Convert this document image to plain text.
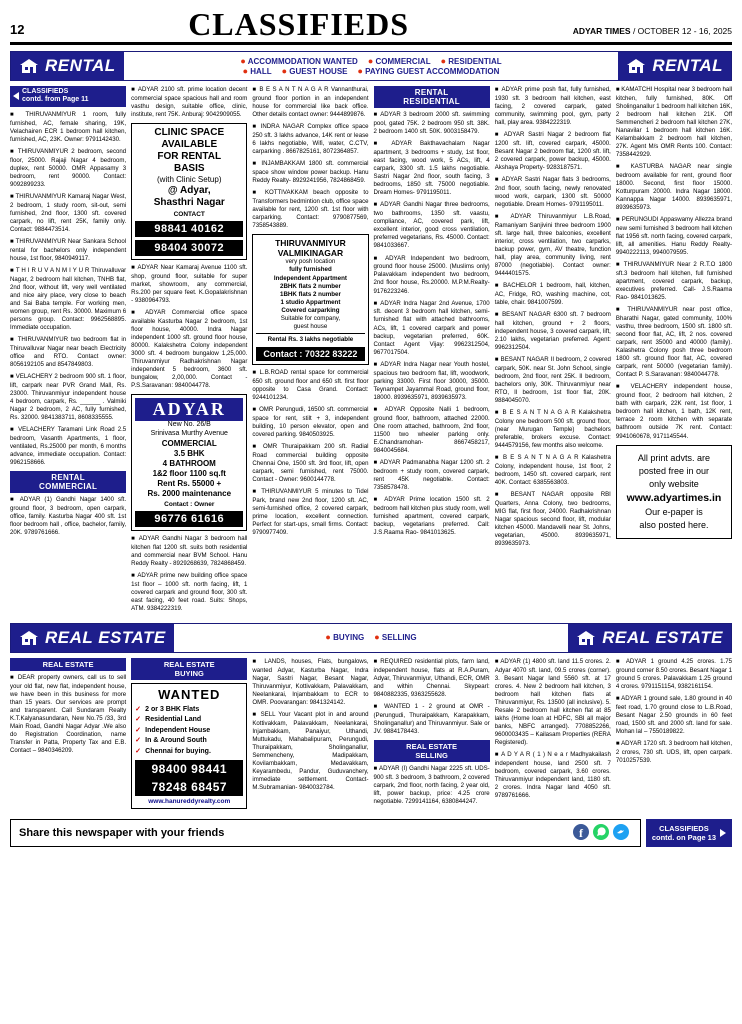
12	CLASSIFIEDS	ADYAR TIMES / OCTOBER 12 - 16, 2025
RENTAL	● ACCOMMODATION WANTED ● COMMERCIAL ● RESIDENTIAL
● HALL ● GUEST HOUSE ● PAYING GUEST ACCOMMODATION	RENTAL
CLASSIFIEDS
contd. from Page 11

■ THIRUVANMIYUR 1 room, fully furnished, AC, female sharing, 19K, Velachairen ECR 1 bedroom hall kitchen, furnished, AC, 23K. Owner: 9791142430.

■ THIRUVANMIYUR 2 bedroom, second floor, 25000. Rajaji Nagar 4 bedroom, duplex, rent 50000. OMR Appasamy 3 bedroom, rent 90000. Contact: 9092899233.

■ THIRUVANMIYUR Kamaraj Nagar West, 2 bedroom, 1 study room, sit-out, semi furnished, 2nd floor, 1300 sft. covered carpark, no lift, rent 25K, family only. Contact: 9884473514.

■ THIRUVANMIYUR Near Sankara School rental for bachelors only independent house, 1st floor, 9840949117.

■ T H I R U V A N M I Y U R Thiruvalluvar Nagar, 2 bedroom hall kitchen, TNHB flat, 2nd floor, without lift, very well ventilated and nice airy place, very close to beach and Sai Baba temple. For working men, women group, rent Rs. 30000. Maximum 6 persons group. Contact: 9962568895. Immediate occupation.

■ THIRUVANMIYUR two bedroom flat in Thiruvalluvar Nagar near beach Electricity office and RTO. Contact owner: 8056192105 and 8547849803.

■ VELACHERY 2 bedroom 900 sft. 1 floor, lift, carpark near PVR Grand Mall, Rs. 23000. Thiruvanmiyur independent house 4 bedroom, carpark, Rs. ______ . Valmiki Nagar 2 bedroom, 2 AC, fully furnished, Rs. 32000. 9841383711, 8608335555.

■ VELACHERY Taramani Link Road 2.5 bedroom, Vasanth Apartments, 1 floor, ventilated, Rs.25000 per month, 6 months advance, immediate occupation. Contact: 9962158666.

RENTAL
COMMERCIAL

■ ADYAR (1) Gandhi Nagar 1400 sft. ground floor, 3 bedroom, open carpark, office, family. Kasturba Nagar 400 sft. 1st floor bedroom hall , office, bachelor, family, 20K. 9789761666.

■ ADYAR 2100 sft. prime location decent commercial space spacious hall and room vasthu design, suitable office, clinic, institute, rent 75K. Anburaj: 9042909055.

CLINIC SPACE
AVAILABLE
FOR RENTAL
BASIS
(with Clinic Setup)
@ Adyar,
Shasthri Nagar
CONTACT
98841 40162
98404 30072

■ ADYAR Near Kamaraj Avenue 1100 sft. shop, ground floor, suitable for super market, showroom, any commercial, Rs.200 per square feet. K.Gopalakrishnan - 9380964793.

■ ADYAR Commercial office space available Kasturba Nagar 2 bedroom, 1st floor house, 40000. Indra Nagar independent 1000 sft. ground floor house, 80000. Kalakshetra Colony independent 3000 sft. 4 bedroom bungalow 1,25,000. Thiruvanmiyur Radhakrishnan Nagar independent 5 bedroom, 3600 sft. bungalow, 2,00,000. Contact - P.S.Saravanan: 9840044778.

ADYAR
New No. 26/B
Srinivasa Murthy Avenue
COMMERCIAL
3.5 BHK
4 BATHROOM
1&2 floor 1100 sq.ft
Rent Rs. 55000 +
Rs. 2000 maintenance
Contact : Owner
96776 61616

■ ADYAR Gandhi Nagar 3 bedroom hall kitchen flat 1200 sft. suits both residential and commercial near BVM School. Hanu Reddy Realty - 8929268639, 7824868459.

■ ADYAR prime new building office space 1st floor – 1000 sft. north facing, lift, 1 covered carpark and ground floor, 300 sft. east facing, 40 feet road. Suits: Shops, ATM. 9384222319.

■ B E S A N T N A G A R Vannanthurai, ground floor portion in an independent house for commercial like back office. Other details contact owner: 9444899876.

■ INDRA NAGAR Complex office space 250 sft. 3 lakhs advance, 14K rent or lease 6 lakhs negotiable, Wifi, water, C.CTV, carparking . 8667825161, 8072364857.

■ INJAMBAKKAM 1800 sft. commercial space show window power backup. Hanu Reddy Realty- 8929241956, 7824868459.

■ KOTTIVAKKAM beach opposite to Transformers bedmintion club, office space available for rent, 1200 sft. 1st floor with carparking. Contact: 9790877569, 7358543889.

THIRUVANMIYUR
VALMIKINAGAR
very posh location
fully furnished
Independent Appartment
2BHK flats 2 number
1BHK flats 2 number
1 studio Appartment
Covered carparking
Suitable for company,
guest house
Rental Rs. 3 lakhs negotiable
Contact : 70322 83222

■ L.B.ROAD rental space for commercial 650 sft. ground floor and 650 sft. first floor opposite to Casa Grand. Contact: 9244101234.

■ OMR Perungudi, 16500 sft. commercial space for rent, stilt + 3, independent building, 10 person elevator, open and covered parking. 9840503925.

■ OMR Thuraipakkam 200 sft. Radial Road commercial building opposite Chennai One, 1500 sft. 3rd floor, lift, open carpark, semi furnished, rent 75000. Contact - Owner: 9600144778.

■ THIRUVANMIYUR 5 minutes to Tidel Park, brand new 2nd floor, 1200 sft. AC, semi-furnished office, 2 covered carpark, prime location, excellent connection. Perfect for start-ups, small firms. Contact: 9790977409.

RENTAL
RESIDENTIAL

■ ADYAR 3 bedroom 2000 sft. swimming pool, gated 75K. 2 bedroom 950 sft. 38K. 2 bedroom 1400 sft. 50K. 9003158479.

■ ADYAR Bakthavachalam Nagar apartment, 3 bedrooms + study, 1st floor, east facing, wood work, 5 ACs, lift, 4 carpark, 3300 sft. 1.5 lakhs negotiable. Sastri Nagar 2nd floor, south facing, 3 bedrooms, 1850 sft. 75000 negotiable. Dream Homes- 9791195011.

■ ADYAR Gandhi Nagar three bedrooms, two bathrooms, 1350 sft. vaastu, compliance, AC, covered park, lift, excellent interior, good cross ventilation, preferred vegetarians, Rs. 45000. Contact: 9841033667.

■ ADYAR Independent two bedroom, ground floor house 25000. (Muslims only) Palavakkam independent two bedroom, 2nd floor house, Rs.20000. M.P.M.Realty- 9176223246.

■ ADYAR Indra Nagar 2nd Avenue, 1700 sft. decent 3 bedroom hall kitchen, semi-furnished flat with attached bathrooms, ACs, lift, 1 covered carpark and power backup, vegetarian preferred, 60K. Contact Agent Vijay: 9962312504, 9677017504.

■ ADYAR Indra Nagar near Youth hostel, spacious two bedroom flat, lift, woodwork, parking 33000. First floor 30000, 35000. Teynampet Jayammal Road, ground floor, 18000. 8939635971, 8939635973.

■ ADYAR Opposite Nalli 1 bedroom, ground floor, bathroom, attached 22000. One room attached, bathroom, 2nd floor, 11500 two wheeler parking only. E.Chandramohan- 8667458217, 9840045684.

■ ADYAR Padmanabha Nagar 1200 sft. 2 bedroom + study room, covered carpark, rent 45K negotiable. Contact: 7358578478.

■ ADYAR Prime location 1500 sft. 2 bedroom hall kitchen plus study room, well furnished apartment, covered carpark, backup, vegetarians preferred. Call: J.S.Raama Rao- 9841013625.

■ ADYAR prime posh flat, fully furnished, 1930 sft. 3 bedroom hall kitchen, east facing, 2 covered carpark, gated community, swimming pool, gym, party hall, play area. 9384222319.

■ ADYAR Sastri Nagar 2 bedroom flat 1200 sft. lift, covered carpark, 45000. Besant Nagar 2 bedroom flat, 1200 sft. lift, 2 covered carpark, power backup, 45000. Akshaya Property- 9283187571.

■ ADYAR Sastri Nagar flats 3 bedrooms, 2nd floor, south facing, newly renovated wood work, carpark, 1300 sft. 50000 negotiable. Dream Homes- 9791195011.

■ ADYAR Thiruvanmiyur L.B.Road, Ramaniyam Sanjivini three bedroom 1900 sft. large hall, three balconies, excellent interior, cross ventilation, two carparks, backup power, gym, AV theatre, function hall, play area, community living, rent 87000 (negotiable). Contact owner: 9444401575.

■ BACHELOR 1 bedroom, hall, kitchen, AC, Fridge, RO, washing machine, cot, table, chair. 9841007599.

■ BESANT NAGAR 6300 sft. 7 bedroom hall kitchen, ground + 2 floors, independent house, 3 covered carpark, lift, 2.10 lakhs, vegetarian preferred. Agent: 9962312504.

■ BESANT NAGAR II bedroom, 2 covered carpark, 50K. near St. John School, single bedroom, 2nd floor, rent 25K. II bedroom, bachelors only, 30K. Thiruvanmiyur near RTO, II bedroom, 1st floor flat, 20K. 9884045070.

■ B E S A N T N A G A R Kalakshetra Colony one bedroom 500 sft. ground floor, (near Murugan Temple) bachelors preferable, brokers excuse. Contact: 9444579156, few months also welcome.

■ B E S A N T N A G A R Kalashetra Colony, independent house, 1st floor, 2 bedroom, 1450 sft. covered carpark, rent 40K. Contact: 6385563803.

■ BESANT NAGAR opposite RBI Quarters, Anna Colony, two bedrooms, MIG flat, first floor, 24000. Radhakrishnan Nagar spacious second floor, lift, modular kitchen 45000. Mandavelli near St. Johns, vegetarian, 45000. 8939635971, 8939635973.

■ KAMATCHI Hospital near 3 bedroom hall kitchen, fully furnished, 80K. Off Sholinganallur 1 bedroom hall kitchen 16K, 2 bedroom hall kitchen 21K. Off Semmencheri 2 bedroom hall kitchen 27K, Nanavilar 1 bedroom hall kitchen 16K. Kelambakkam 2 bedroom hall kitchen, 27K. Agent M/s OMR Rents 100. Contact: 7358442929.

■ KASTURBA NAGAR near single bedroom available for rent, ground floor 18000. Second, first floor 15000. Kotturpuram 20000. Indra Nagar 18000. Kannappa Nagar 14000. 8939635971, 8939635973.

■ PERUNGUDI Appaswamy Allezza brand new semi furnished 3 bedroom hall kitchen flat 1956 sft. north facing, covered carpark, lift, all amenities. Hanu Reddy Realty- 9940222113, 9940079595.

■ THIRUVANMIYUR Near 2 R.T.O 1800 sft.3 bedroom hall kitchen, full furnished apartment, covered carpark, backup, executives preferred. Call- J.S.Raama Rao- 9841013625.

■ THIRUVANMIYUR near post office, Bharathi Nagar, gated community, 100% vasthu, three bedroom, 1500 sft. 1800 sft. second floor flat, AC, lift, 2 nos. covered carpark, rent 35000 and 40000 (family). Kalashetra Colony posh three bedroom 1800 sft. ground floor flat, AC, covered carpark, rent 50000 (vegetarian family). Contact P. S.Saravanan: 9840044778.

■ VELACHERY independent house, ground floor, 2 bedroom hall kitchen, 2 bath with carpark, 22K rent, 1st floor, 1 bedroom hall kitchen, 1 bath, 12K rent, terrace 2 room kitchen with separate bathroom outside 7K rent. Contact: 9941060678, 9171145544.

All print advts. are
posted free in our
only website
www.adyartimes.in
Our e-paper is
also posted here.
REAL ESTATE	● BUYING ● SELLING	REAL ESTATE
REAL ESTATE

■ DEAR property owners, call us to sell your old flat, new flat, independent house, we have been in this business for more than 15 years. Our services are prompt and transparent. Call Sundaram Realty K.T.Kalyanasundaran, New No.75 /33, 3rd Main Road, Gandhi Nagar Adyar .We also do Registration Coordination, name Transfer in Patta, Property Tax and E.B. Contact – 9840346209.

REAL ESTATE
BUYING
WANTED
✓ 2 or 3 BHK Flats
✓ Residential Land
✓ Independent House
✓ In & Around South
✓ Chennai for buying.
98400 98441
78248 68457
www.hanureddyrealty.com

■ LANDS, houses, Flats, bungalows, wanted Adyar, Kasturba Nagar, Indra Nagar, Sastri Nagar, Besant Nagar, Thiruvanmiyur, Kottivakkam, Palavakkam, Neelankarai, Injambakkam to ECR to OMR. Poovarangan: 9841324142.

■ SELL Your Vacant plot in and around Kottivakkam, Palavakkam, Neelankarai, Injambakkam, Panaiyur, Uthandi, Muttukadu, Mahabalipuram, Perungudi, Thuraipakkam, Sholinganallur, Semmencheny, Madipakkam, Kovilambakkam, Medavakkam, Keyarambedu, Pandur, Guduvanchery, immediate settlement. Contact- M.Subramanian- 9840032784.

■ REQUIRED residential plots, farm land, independent house, flats at R.A.Puram, Adyar, Thiruvanmiyur, Uthandi, ECR, OMR and within Chennai. Skypearl: 9840882335, 9363255628.

■ WANTED 1 - 2 ground at OMR - (Perungudi, Thuraipakkam, Karapakkam, Sholinganallur) and Thiruvanmiyur. Sale or JV. 9884178443.

REAL ESTATE
SELLING

■ ADYAR (I) Gandhi Nagar 2225 sft. UDS- 900 sft. 3 bedroom, 3 bathroom, 2 covered carpark, 2nd floor, north facing, 2 year old, lift, power backup, price: 4.25 crore negotiable. 7299141164, 6380844247.

■ ADYAR (1) 4800 sft. land 11.5 crores. 2. Adyar 4070 sft. land, 09.5 crores (corner). 3. Besant Nagar land 5560 sft. at 17 crores. 4. New 2 bedroom hall kitchen, 3 bedroom hall kitchen flats at Thiruvanmiyur, Rs. 13500 (all inclusive). 5. Resale 2 bedroom hall kitchen flat at 85 lakhs (Home loan at HDFC, SBI all major banks, NBFC arranged). 7708852266, 9600003435 – Kailasam Properties (RERA Registered).

■ A D Y A R ( 1 ) N e a r Madhyakailash independent house, land 2500 sft. 7 bedroom, covered carpark, 3.60 crores. Thiruvanmiyur independent land, 1180 sft. 2 crores. Indra Nagar land 4050 sft. 9789761666.

■ ADYAR 1 ground 4.25 crores. 1.75 ground corner 8.50 crores. Besant Nagar 1 ground 5 crores. Palavakkam 1.25 ground 4 crores. 9791151154, 9382161154.

■ ADYAR 1 ground sale, 1.80 ground in 40 feet road, 1.70 ground close to L.B.Road, Besant Nagar 2.50 grounds in 60 feet road, 1500 sft. and 2000 sft. land for sale. Mohan lal – 7550189822.

■ ADYAR 1720 sft. 3 bedroom hall kitchen, 2 crores, 730 sft. UDS, lift, open carpark. 7010257539.

Share this newspaper with your friends	f	CLASSIFIEDS
contd. on Page 13
